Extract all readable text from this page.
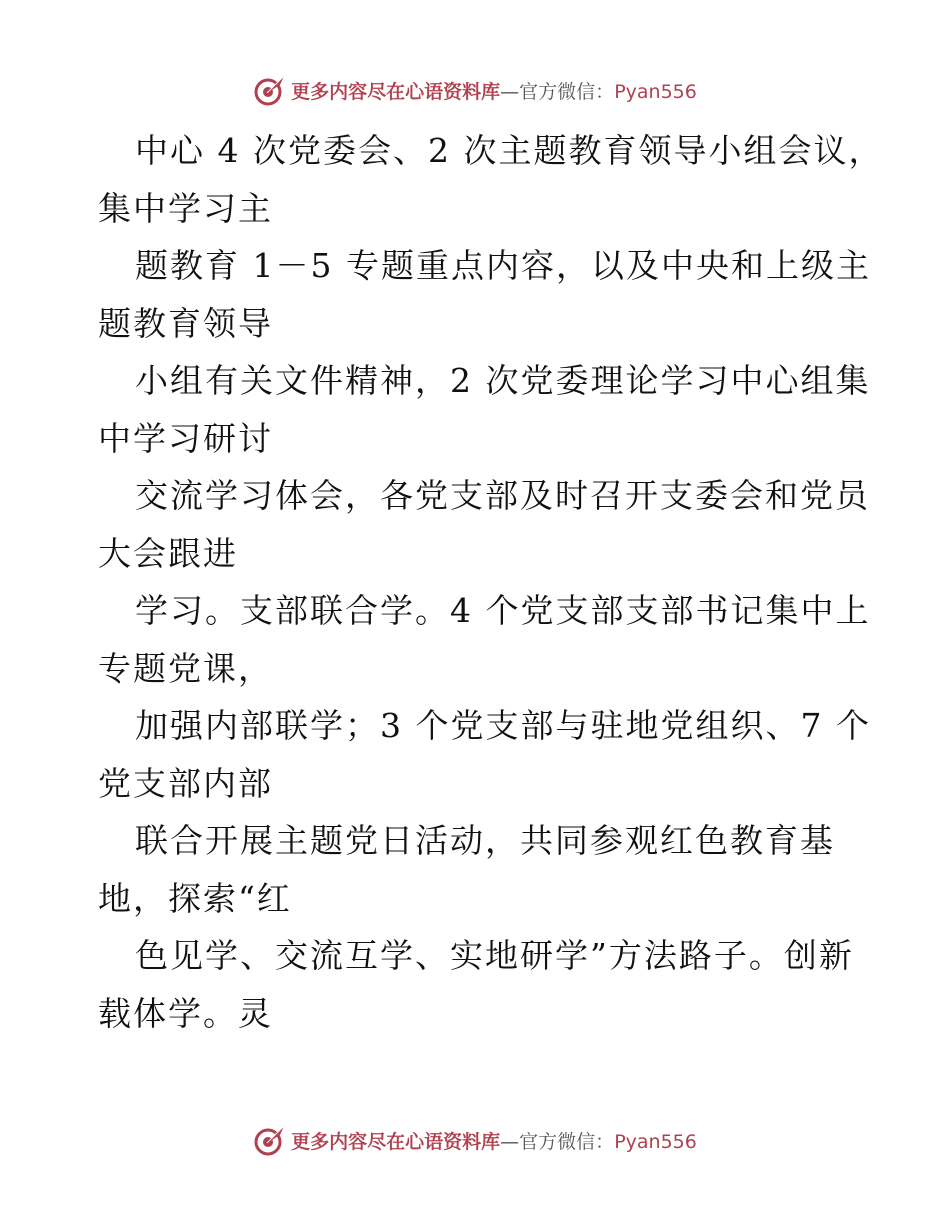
更多内容尽在心语资料库—官方微信：Pyan556
中心 4 次党委会、2 次主题教育领导小组会议，
集中学习主
题教育 1－5 专题重点内容，以及中央和上级主
题教育领导
小组有关文件精神，2 次党委理论学习中心组集
中学习研讨
交流学习体会，各党支部及时召开支委会和党员
大会跟进
学习。支部联合学。4 个党支部支部书记集中上
专题党课，
加强内部联学；3 个党支部与驻地党组织、7 个
党支部内部
联合开展主题党日活动，共同参观红色教育基
地，探索“红
色见学、交流互学、实地研学”方法路子。创新
载体学。灵
更多内容尽在心语资料库—官方微信：Pyan556
